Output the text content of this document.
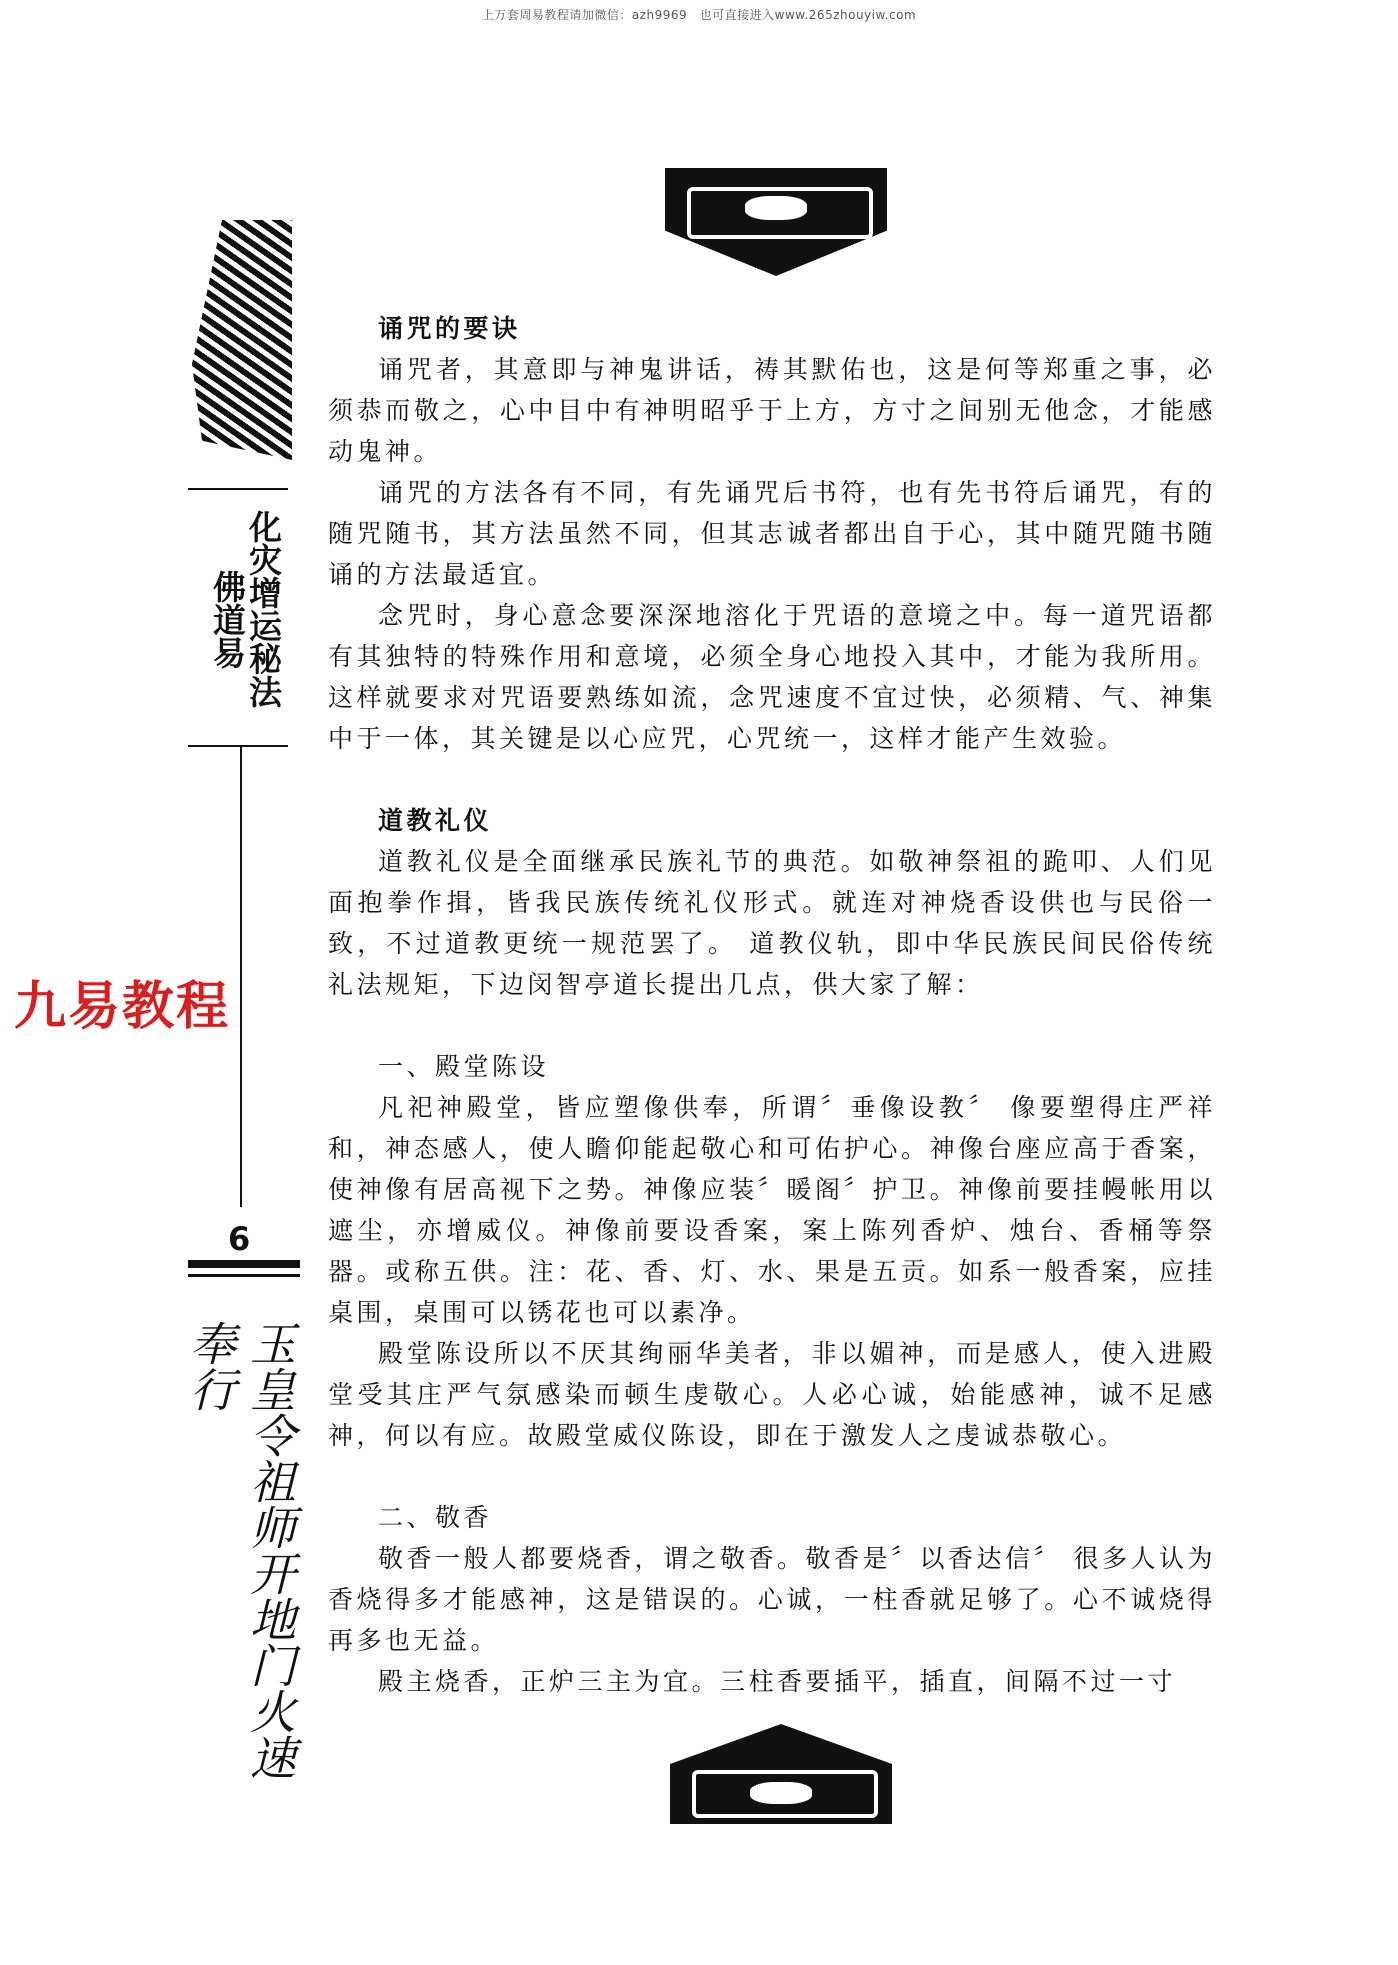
上万套周易教程请加微信：azh9969　也可直接进入www.265zhouyiw.com
化灾增运秘法
佛道易
6
玉皇令祖师开地门火速奉行
九易教程

诵咒的要诀

诵咒者，其意即与神鬼讲话，祷其默佑也，这是何等郑重之事，必须恭而敬之，心中目中有神明昭乎于上方，方寸之间别无他念，才能感动鬼神。

诵咒的方法各有不同，有先诵咒后书符，也有先书符后诵咒，有的随咒随书，其方法虽然不同，但其志诚者都出自于心，其中随咒随书随诵的方法最适宜。

念咒时，身心意念要深深地溶化于咒语的意境之中。每一道咒语都有其独特的特殊作用和意境，必须全身心地投入其中，才能为我所用。这样就要求对咒语要熟练如流，念咒速度不宜过快，必须精、气、神集中于一体，其关键是以心应咒，心咒统一，这样才能产生效验。

道教礼仪

道教礼仪是全面继承民族礼节的典范。如敬神祭祖的跪叩、人们见面抱拳作揖，皆我民族传统礼仪形式。就连对神烧香设供也与民俗一致，不过道教更统一规范罢了。 道教仪轨，即中华民族民间民俗传统礼法规矩，下边闵智亭道长提出几点，供大家了解：

一、殿堂陈设

凡祀神殿堂，皆应塑像供奉，所谓〞垂像设教〞 像要塑得庄严祥和，神态感人，使人瞻仰能起敬心和可佑护心。神像台座应高于香案，使神像有居高视下之势。神像应装〞暖阁〞护卫。神像前要挂幔帐用以遮尘，亦增威仪。神像前要设香案，案上陈列香炉、烛台、香桶等祭器。或称五供。注：花、香、灯、水、果是五贡。如系一般香案，应挂桌围，桌围可以锈花也可以素净。

殿堂陈设所以不厌其绚丽华美者，非以媚神，而是感人，使入进殿堂受其庄严气氛感染而顿生虔敬心。人必心诚，始能感神，诚不足感神，何以有应。故殿堂威仪陈设，即在于激发人之虔诚恭敬心。

二、敬香

敬香一般人都要烧香，谓之敬香。敬香是〞以香达信〞 很多人认为香烧得多才能感神，这是错误的。心诚，一柱香就足够了。心不诚烧得再多也无益。

殿主烧香，正炉三主为宜。三柱香要插平，插直，间隔不过一寸
